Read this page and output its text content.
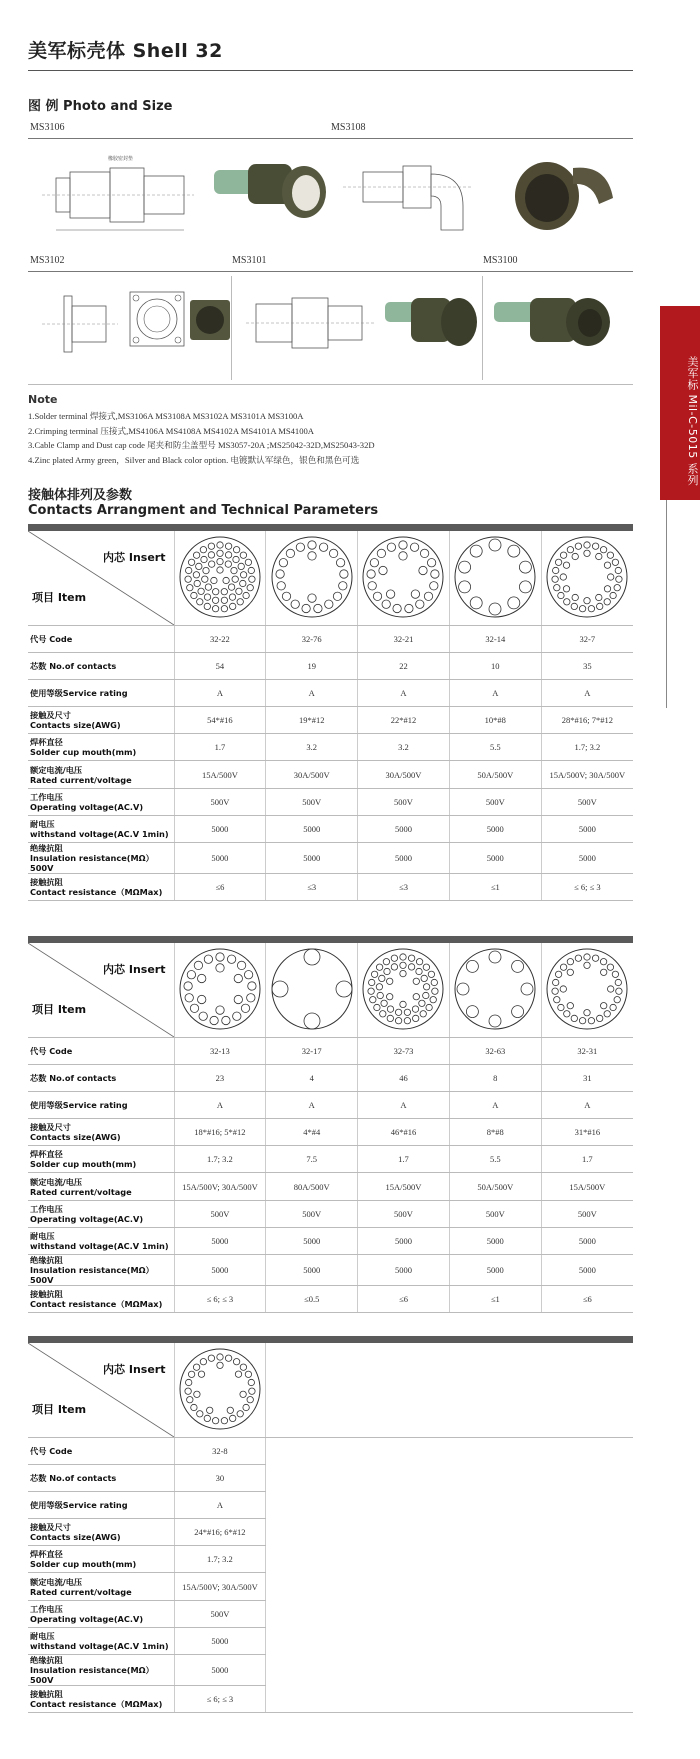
美军标壳体 Shell 32
图 例 Photo and Size
MS3106	MS3108
橡胶密封垫
MS3102	MS3101	MS3100
Note
1.Solder terminal 焊接式,MS3106A MS3108A MS3102A MS3101A MS3100A
2.Crimping terminal 压接式,MS4106A MS4108A MS4102A MS4101A MS4100A
3.Cable Clamp and Dust cap code 尾夹和防尘盖型号 MS3057-20A ;MS25042-32D,MS25043-32D
4.Zinc plated Army green，Silver and Black color option. 电镀默认军绿色，银色和黑色可选
接触体排列及参数
Contacts Arrangment and Technical Parameters
内芯 Insert
项目 Item

代号 Code	32-22	32-76	32-21	32-14	32-7

芯数 No.of contacts	54	19	22	10	35

使用等级Service rating	A	A	A	A	A

接触及尺寸
Contacts size(AWG)	54*#16	19*#12	22*#12	10*#8	28*#16; 7*#12

焊杯直径
Solder cup mouth(mm)	1.7	3.2	3.2	5.5	1.7; 3.2

额定电流/电压
Rated current/voltage	15A/500V	30A/500V	30A/500V	50A/500V	15A/500V; 30A/500V

工作电压
Operating voltage(AC.V)	500V	500V	500V	500V	500V

耐电压
withstand voltage(AC.V 1min)	5000	5000	5000	5000	5000

绝缘抗阻
Insulation resistance(MΩ）500V	5000	5000	5000	5000	5000

接触抗阻
Contact resistance（MΩMax)	≤6	≤3	≤3	≤1	≤ 6; ≤ 3
内芯 Insert
项目 Item

代号 Code	32-13	32-17	32-73	32-63	32-31

芯数 No.of contacts	23	4	46	8	31

使用等级Service rating	A	A	A	A	A

接触及尺寸
Contacts size(AWG)	18*#16; 5*#12	4*#4	46*#16	8*#8	31*#16

焊杯直径
Solder cup mouth(mm)	1.7; 3.2	7.5	1.7	5.5	1.7

额定电流/电压
Rated current/voltage	15A/500V; 30A/500V	80A/500V	15A/500V	50A/500V	15A/500V

工作电压
Operating voltage(AC.V)	500V	500V	500V	500V	500V

耐电压
withstand voltage(AC.V 1min)	5000	5000	5000	5000	5000

绝缘抗阻
Insulation resistance(MΩ）500V	5000	5000	5000	5000	5000

接触抗阻
Contact resistance（MΩMax)	≤ 6; ≤ 3	≤0.5	≤6	≤1	≤6
内芯 Insert
项目 Item

代号 Code	32-8				

芯数 No.of contacts	30				

使用等级Service rating	A				

接触及尺寸
Contacts size(AWG)	24*#16; 6*#12				

焊杯直径
Solder cup mouth(mm)	1.7; 3.2				

额定电流/电压
Rated current/voltage	15A/500V; 30A/500V				

工作电压
Operating voltage(AC.V)	500V				

耐电压
withstand voltage(AC.V 1min)	5000				

绝缘抗阻
Insulation resistance(MΩ）500V	5000				

接触抗阻
Contact resistance（MΩMax)	≤ 6; ≤ 3				
美军标 Mil-C-5015 系列
